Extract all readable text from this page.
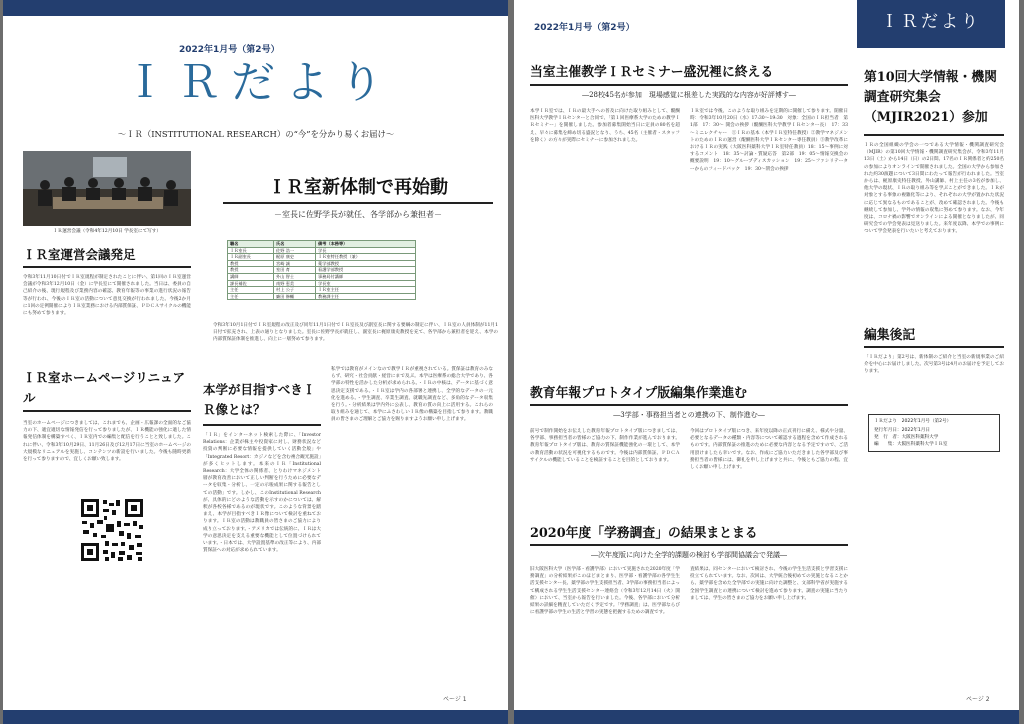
2022年1月号（第2号）
ＩＲだより
～ＩＲ（INSTITUTIONAL RESEARCH）の“今”を分かり易くお届け～
ＩＲ運営会議（令和4年12月10日 学長室にて写す）
ＩＲ室運営会議発足
令和3年11月10日付でＩＲ室規程が制定されたことに伴い、第1回のＩＲ室運営会議が令和3年12月10日（金）に学長室にて開催されました。当日は、委員の自己紹介の後、現行規程及び業務内容の確認、教育年報等の事業の進行状況の報告等が行われ、今後のＩＲ室の活動について意見交換が行われました。今後2か月に1回の定例開催によりＩＲ室業務における内部質保証、ＰＤＣＡサイクルの機能にも努めて参ります。
ＩＲ室新体制で再始動
－室長に佐野学長が就任、各学部から兼担者－
職名	氏名	備考（本務等）
ＩＲ室長	佐野 浩一	学長
ＩＲ副室長	梶原 康史	ＩＲ室特任教授（兼）
教授	宮崎 誠	薬学部教授
教授	室田 育	看護学部教授
講師	外山 智士	事務局付講師
課長補佐	南野 恵美	学長室
主任	村上 公子	ＩＲ室主任
主任	廉田 修輔	教務課主任
令和3年10月1日付でＩＲ室規程の改正及び同年11月1日付でＩＲ室長及び副室長に関する要綱の制定に伴い、ＩＲ室の人員体制が11月1日付で拡充され、上表の通りとなりました。室長に佐野学長が就任し、副室長に梶原康史教授を充て、各学部から兼担者を迎え、本学の内部質保証体制を推進し、向上に一層努めて参ります。
ＩＲ室ホームページリニュアル
当室のホームページにつきましては、これまでも、企画・広報課の全面的なご協力の下、適宜適切な情報発信を行って参りましたが、ＩＲ機能の強化に適した情報発信体制を構築すべく、ＩＲ室内での編集と配信を行うことと致しました。これに伴い、令和3年10月29日、11月26日及び12月17日に当室のホームページの大規模なリニュアルを実施し、コンテンツの新設を行いました。今後も随時更新を行って参りますので、宜しくお願い致します。
本学が目指すべきＩＲ像とは？
「ＩＲ」をインターネット検索した際に、「Investor Relations：企業が株主や投資家に対し、財務状況など投資の判断に必要な情報を提供していく活動全般」や「Integrated Resort：カジノなどを含む複合観光施設」が多くヒットします。本来のＩＲ「Institutional Research：大学全体の関係者、とりわけマネジメント層が教育改善において正しい判断を行うために必要なデータを収集・分析し、一定の示唆成果に関する報告としての活動」です。しかし、このInstitutional Researchが、具体的にどのような活動を示すのかについては、解釈が各校各様であるのが現状です。このような背景を踏まえ、本学が目指すべきＩＲ像について検討を重ねております。ＩＲ室の活動は教職員の皆さまのご協力により成り立っております。・アメリカでは伝統的に、ＩＲは大学の意思決定を支える重要な機能として位置づけられています。・日本では、大学設置基準の改正等により、内部質保証への対応が求められています。
私学では教育がメインなので教学ＩＲが重視されている。質保証は教育のみならず、研究・社会貢献・経営にまで及ぶ。本学は医療系の総合大学であり、各学部の特性を活かした分析が求められる。・ＩＲの中核は、データに基づく意思決定支援である。・ＩＲ室は学内の各部署と連携し、全学的なデータの一元化を進める。・学生調査、卒業生調査、就職先調査など、多角的なデータ収集を行う。・分析結果は学内外に公表し、教育の質の向上に活用する。これらの取り組みを通じて、本学にふさわしいＩＲ像の構築を目指して参ります。教職員の皆さまのご理解とご協力を賜りますようお願い申し上げます。
ページ 1
2022年1月号（第2号）	ＩＲだより
当室主催教学ＩＲセミナー盛況裡に終える
―28校45名が参加　現場感覚に根差した実践的な内容が好評博す―
本学ＩＲ室では、ＩＲの最大手への普及に向けた取り組みとして、醍醐医科大学教学ＩＲセンターと合同で、「第１回医療系大学のための教学ＩＲセミナー」を開催しました。参加者募集開始当日に定員の80名を超え、早々に募集を締め切る盛況となり、うち、45名（主催者・スタッフを除く）の方々が実際にセミナーに参加されました。
ＩＲ室では今後、このような取り組みを定期的に開催して参ります。開催日時：令和3年10月20日（水）17:30～19:30　対象：全国のＩＲ担当者　第1部　17：30～ 開会の挨拶（醍醐医科大学教学ＩＲセンター長）　17：33～ミニレクチャー　①ＩＲの基本（本学ＩＲ室特任教授）②教学マネジメントのためのＩＲの運営（醍醐医科大学ＩＲセンター専任教員）③教学改革におけるＩＲの実践（大阪医科薬科大学ＩＲ室特任教員）18：15～事例に対するコメント　18：35～討論・質疑応答　第2部　19：05～情報交換会の概要説明　19：10～グループディスカッション　19：25～ファシリテーターからのフィードバック　19：30～閉会の挨拶
教育年報プロトタイプ版編集作業進む
―3学部・事務担当者との連携の下、制作進む―
前号で制作開始をお伝えした教育年報プロトタイプ版につきましては、各学部、事務担当者の皆様のご協力の下、制作作業が進んでおります。教育年報プロトタイプ版は、教育の質保証機能強化の一環として、本学の教育活動の状況を可視化するものです。今後は内部質保証、ＰＤＣＡサイクルの機能していることを検証することを目的としております。
今回はプロトタイプ版につき、来年度以降の正式刊行に備え、様式や分量、必要となるデータの種類・内容等について確認する過程を含めて作成されるものです。内部質保証の推進のために必要な内容となる予定ですので、ご活用頂けましたら幸いです。なお、作成にご協力いただきました各学部及び事務担当者の皆様には、御礼を申し上げますと共に、今後ともご協力の程、宜しくお願い申し上げます。
2020年度「学務調査」の結果まとまる
―次年度版に向けた全学的課題の検討も学部間協議会で発議―
旧大阪医科大学（医学部・看護学部）において実施された2020年度「学務調査」の分析結果がこのほどまとまり、医学部・看護学部の各学生生活支援センター長、薬学部の学生支援担当者、3学部の事務担当者によって構成される学生生活支援センター連絡会（令和3年12月14日（火）開催）において、当室から報告を行いました。今後、各学部において分析結果の詳細を精査していただく予定です。「学務調査」は、医学部ならびに看護学部の学生の生活と学習の実態を把握するための調査です。
査結果は、同センターにおいて検討され、今後の学生生活支援と学習支援に役立てられています。なお、次回は、大学統合後初めての実施となることから、薬学部を含めた全学部での実施に向けた調整と、文部科学省が実施する全国学生調査との連携について検討を進めて参ります。調査の実施に当たりましては、学生の皆さまのご協力をお願い申し上げます。
第10回大学情報・機関調査研究集会（MJIR2021）参加
ＩＲの全国組織の学会の一つである大学情報・機関調査研究会（MJIR）の第10回大学情報・機関調査研究集会が、令和3年11月13日（土）から14日（日）の2日間、17名のＩＲ関係者と約250名の参加によりオンラインで開催されました。全国の大学から参加された約30演題について3日間にわたって報告が行われました。当室からは、梶原康史特任教授、外山講師、村上主任の3名が参加し、他大学の現状、ＩＲの取り組み等を学ぶことができました。ＩＲが対象とする事象の複雑化等により、それぞれの大学が置かれた状況に応じて異なるものであることが、改めて確認されました。今後も継続して参加し、学外の情報の収集に努めて参ります。なお、今年度は、コロナ禍の影響でオンラインによる開催となりましたが、同研究会での学会発表は見送りました。来年度以降、本学での事例について学会発表を行いたいと考えております。
編集後記
「ＩＲだより」第2号は、新体制のご紹介と当室の新規事業のご紹介を中心にお届けしました。次号第3号は4月のお届けを予定しております。
ＩＲだより　2022年1月号（第2号）
発行年月日：2022年1月日
発　行　者：大阪医科薬科大学
編　　集：大阪医科薬科大学ＩＲ室
ページ 2
